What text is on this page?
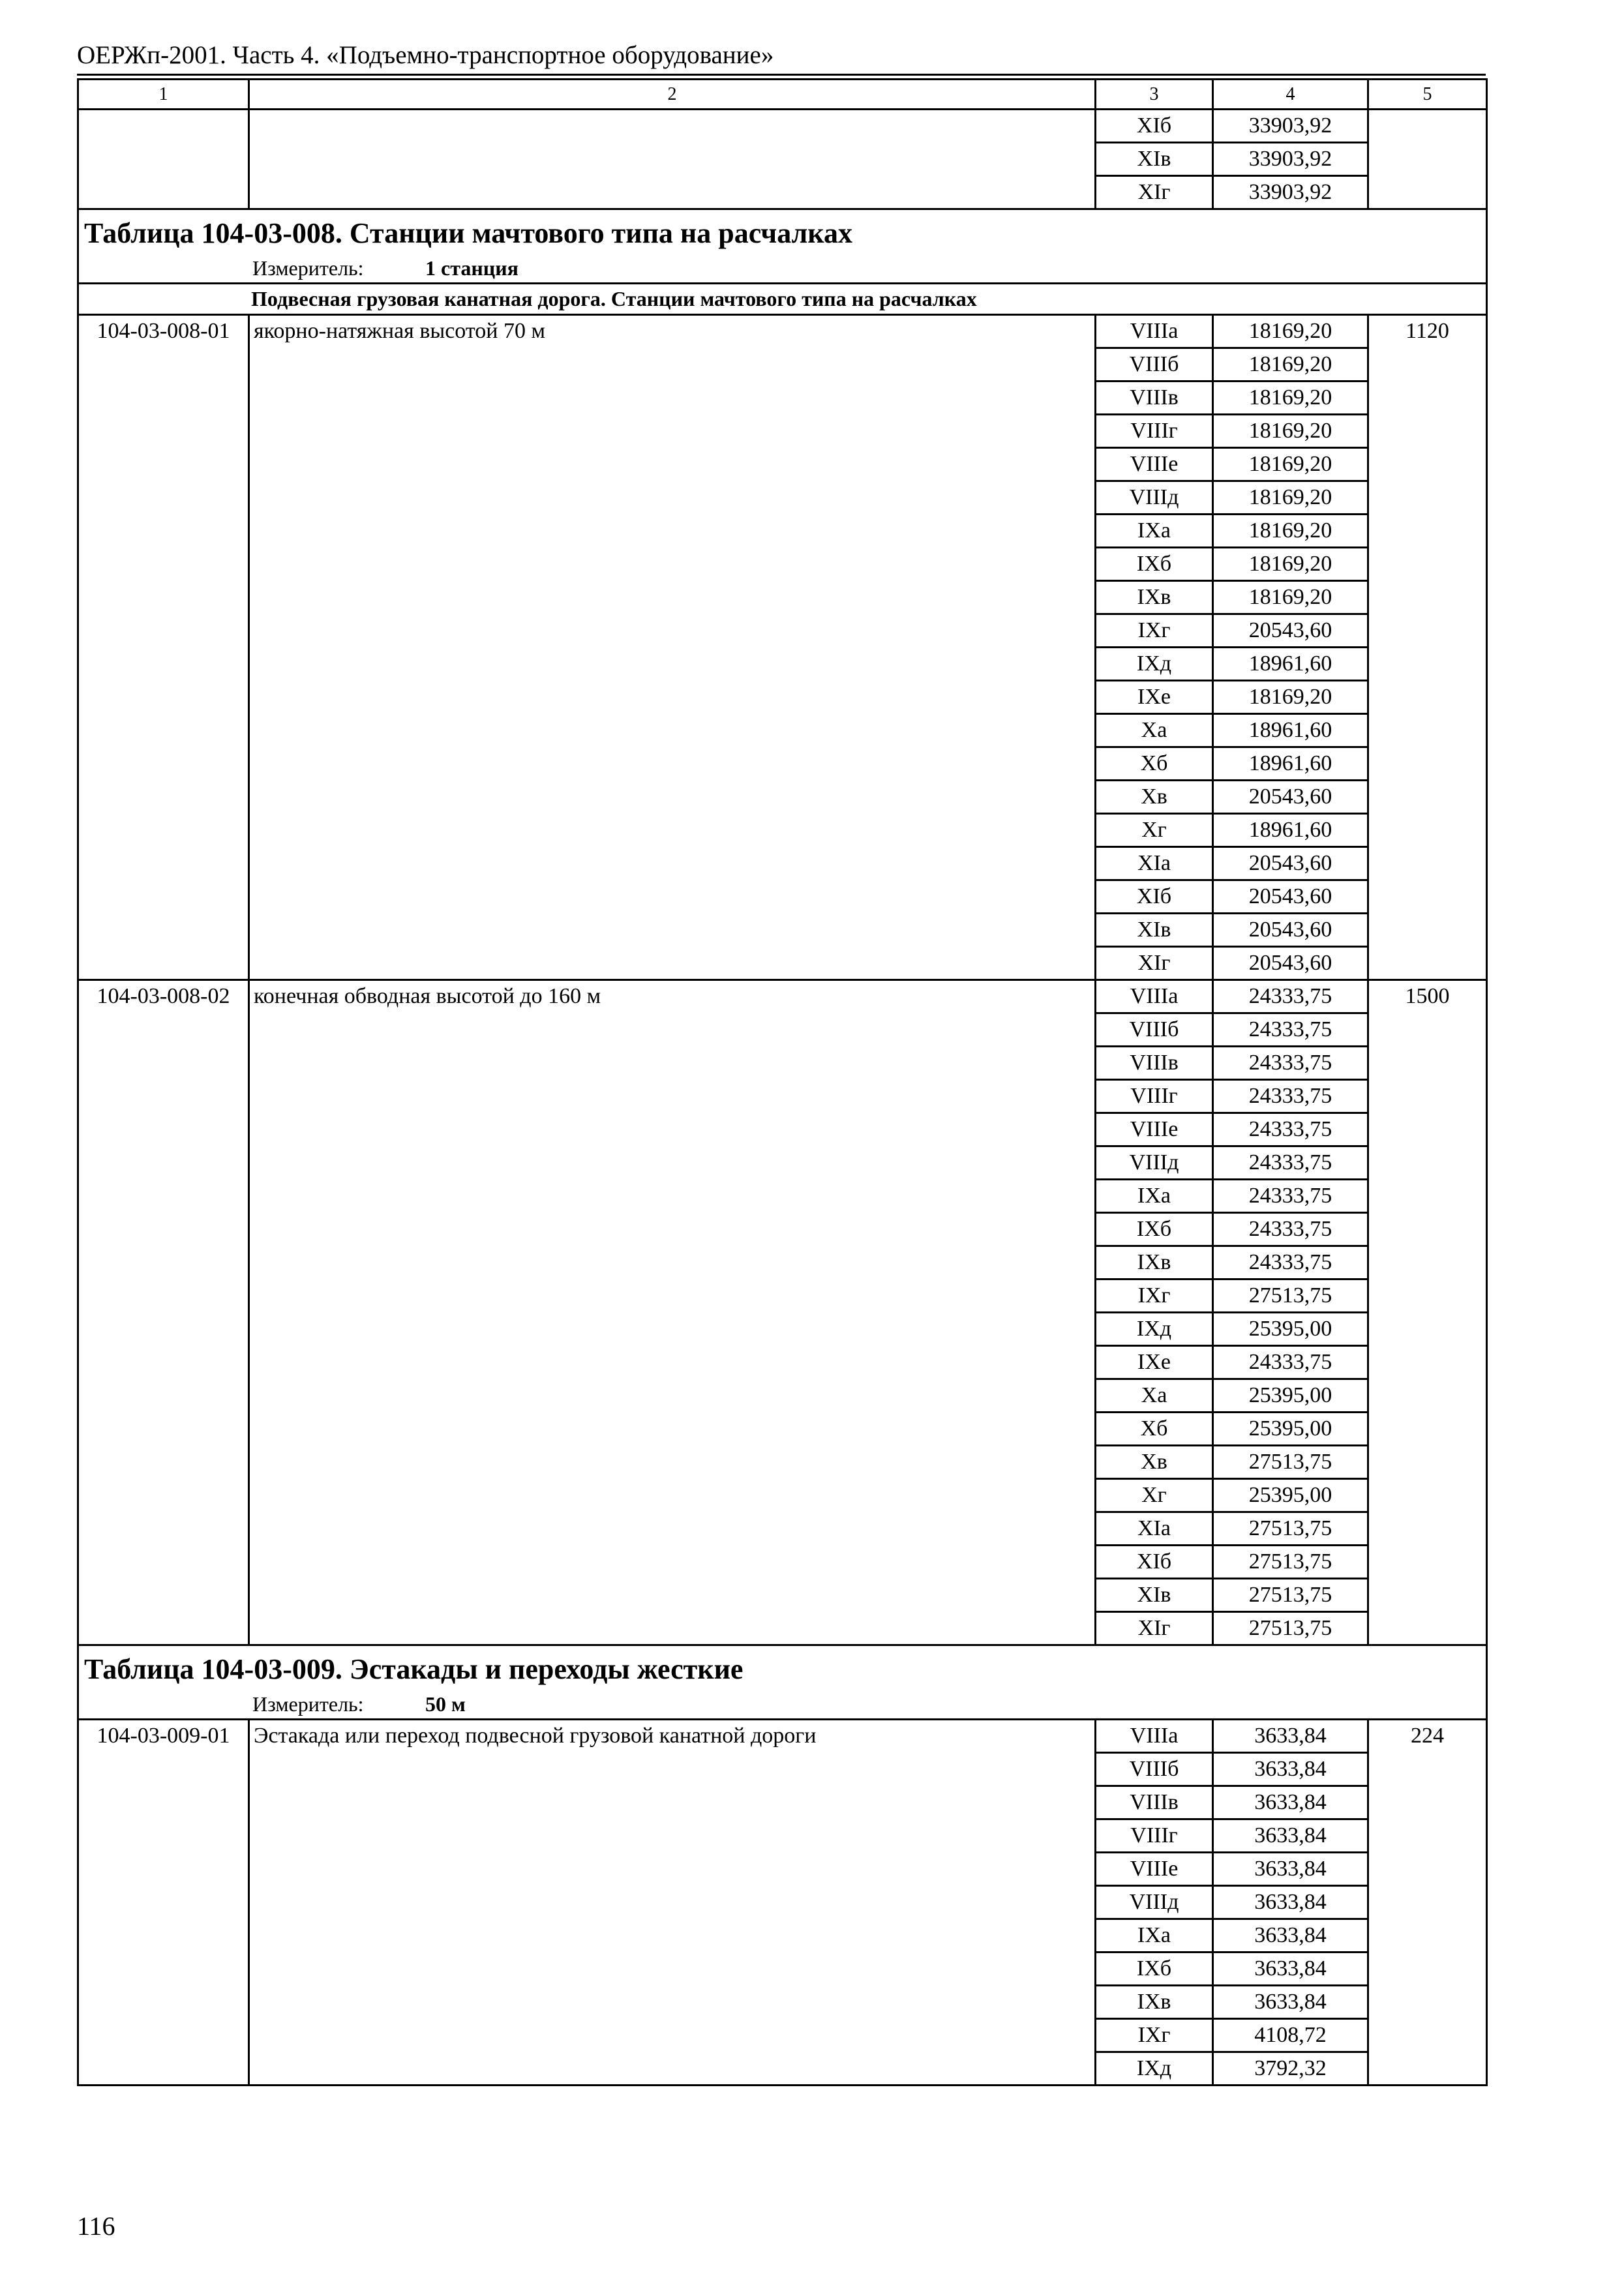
ОЕРЖп-2001. Часть 4. «Подъемно-транспортное оборудование»
1	2	3	4	5
		XIб	33903,92	
		XIв	33903,92	
		XIг	33903,92	
Таблица 104-03-008. Станции мачтового типа на расчалках				
Измеритель: 1 станция				
Подвесная грузовая канатная дорога. Станции мачтового типа на расчалках				
104-03-008-01	якорно-натяжная высотой 70 м	VIIIа	18169,20	1120
		VIIIб	18169,20	
		VIIIв	18169,20	
		VIIIг	18169,20	
		VIIIе	18169,20	
		VIIIд	18169,20	
		IXа	18169,20	
		IXб	18169,20	
		IXв	18169,20	
		IXг	20543,60	
		IXд	18961,60	
		IXе	18169,20	
		Xа	18961,60	
		Xб	18961,60	
		Xв	20543,60	
		Xг	18961,60	
		XIа	20543,60	
		XIб	20543,60	
		XIв	20543,60	
		XIг	20543,60	
104-03-008-02	конечная обводная высотой до 160 м	VIIIа	24333,75	1500
		VIIIб	24333,75	
		VIIIв	24333,75	
		VIIIг	24333,75	
		VIIIе	24333,75	
		VIIIд	24333,75	
		IXа	24333,75	
		IXб	24333,75	
		IXв	24333,75	
		IXг	27513,75	
		IXд	25395,00	
		IXе	24333,75	
		Xа	25395,00	
		Xб	25395,00	
		Xв	27513,75	
		Xг	25395,00	
		XIа	27513,75	
		XIб	27513,75	
		XIв	27513,75	
		XIг	27513,75	
Таблица 104-03-009. Эстакады и переходы жесткие				
Измеритель: 50 м				
104-03-009-01	Эстакада или переход подвесной грузовой канатной дороги	VIIIа	3633,84	224
		VIIIб	3633,84	
		VIIIв	3633,84	
		VIIIг	3633,84	
		VIIIе	3633,84	
		VIIIд	3633,84	
		IXа	3633,84	
		IXб	3633,84	
		IXв	3633,84	
		IXг	4108,72	
		IXд	3792,32	
116
